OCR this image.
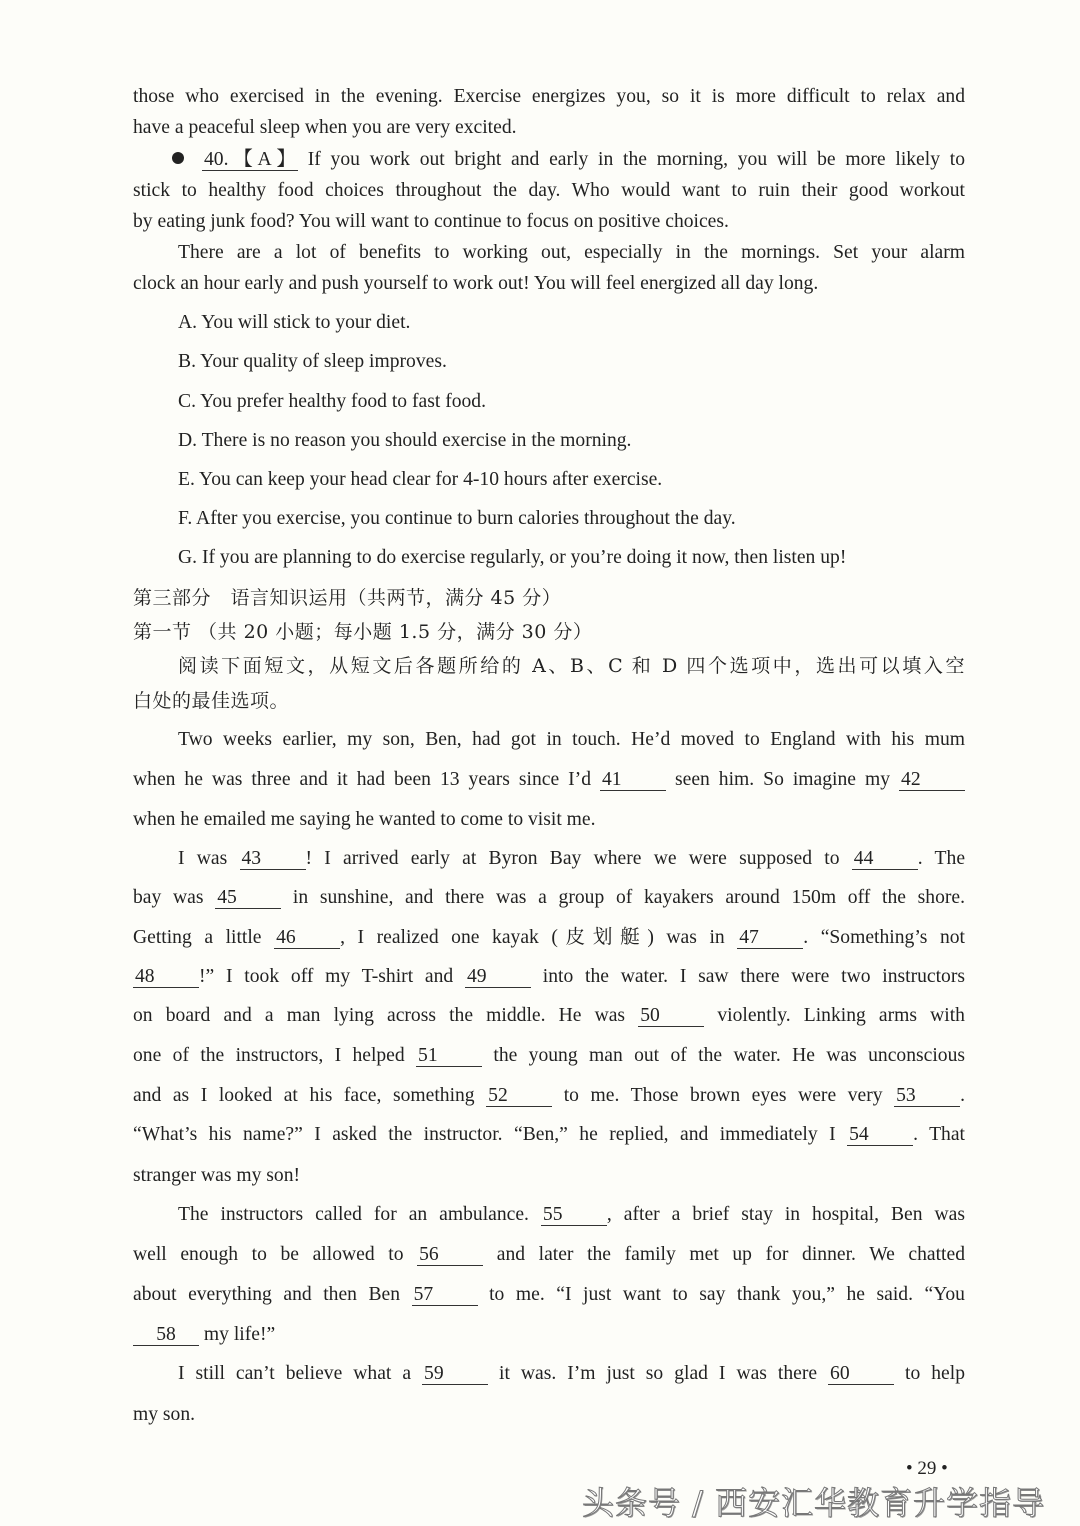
those who exercised in the evening. Exercise energizes you, so it is more difficult to relax and
have a peaceful sleep when you are very excited.
40.【A】 If you work out bright and early in the morning, you will be more likely to
stick to healthy food choices throughout the day. Who would want to ruin their good workout
by eating junk food? You will want to continue to focus on positive choices.
There are a lot of benefits to working out, especially in the mornings. Set your alarm
clock an hour early and push yourself to work out! You will feel energized all day long.
A. You will stick to your diet.
B. Your quality of sleep improves.
C. You prefer healthy food to fast food.
D. There is no reason you should exercise in the morning.
E. You can keep your head clear for 4-10 hours after exercise.
F. After you exercise, you continue to burn calories throughout the day.
G. If you are planning to do exercise regularly, or you’re doing it now, then listen up!
第三部分　语言知识运用（共两节，满分 45 分）
第一节 （共 20 小题；每小题 1.5 分，满分 30 分）
阅读下面短文，从短文后各题所给的 A、B、C 和 D 四个选项中，选出可以填入空
白处的最佳选项。
Two weeks earlier, my son, Ben, had got in touch. He’d moved to England with his mum
when he was three and it had been 13 years since I’d 41 seen him. So imagine my 42
when he emailed me saying he wanted to come to visit me.
I was 43 ! I arrived early at Byron Bay where we were supposed to 44 . The
bay was 45 in sunshine, and there was a group of kayakers around 150m off the shore.
Getting a little 46 , I realized one kayak (皮划艇) was in 47 . “Something’s not
48 !” I took off my T-shirt and 49 into the water. I saw there were two instructors
on board and a man lying across the middle. He was 50 violently. Linking arms with
one of the instructors, I helped 51 the young man out of the water. He was unconscious
and as I looked at his face, something 52 to me. Those brown eyes were very 53 .
“What’s his name?” I asked the instructor. “Ben,” he replied, and immediately I 54 . That
stranger was my son!
The instructors called for an ambulance. 55 , after a brief stay in hospital, Ben was
well enough to be allowed to 56 and later the family met up for dinner. We chatted
about everything and then Ben 57 to me. “I just want to say thank you,” he said. “You
58 my life!”
I still can’t believe what a 59 it was. I’m just so glad I was there 60 to help
my son.
• 29 •
头条号 / 西安汇华教育升学指导
